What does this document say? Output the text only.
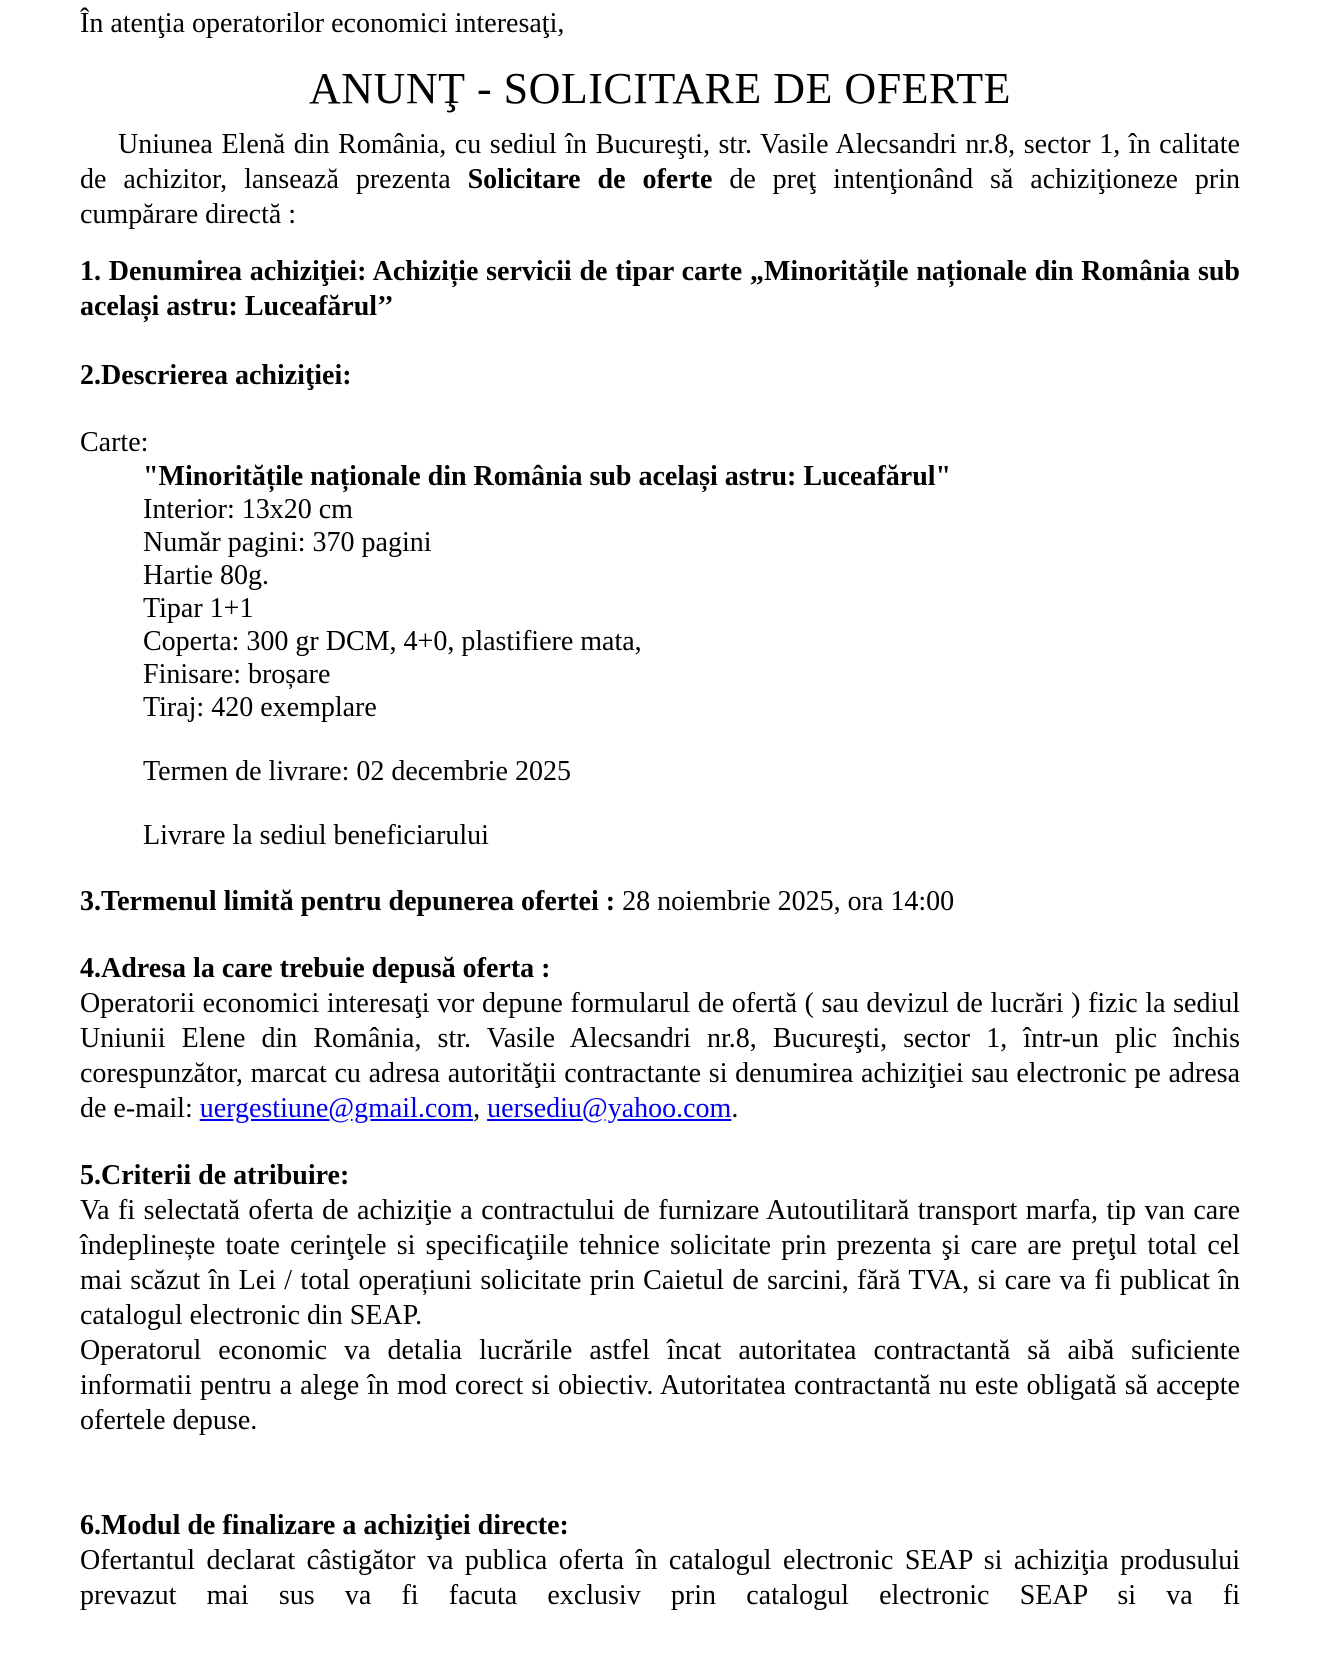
În atenţia operatorilor economici interesaţi,

ANUNŢ - SOLICITARE DE OFERTE

Uniunea Elenă din România, cu sediul în Bucureşti, str. Vasile Alecsandri nr.8, sector 1, în calitate de achizitor, lansează prezenta Solicitare de oferte de preţ intenţionând să achiziţioneze prin cumpărare directă :

1. Denumirea achiziţiei: Achiziție servicii de tipar carte „Minoritățile naționale din România sub același astru: Luceafărul’’

2.Descrierea achiziţiei:

Carte:

"Minoritățile naționale din România sub același astru: Luceafărul"

Interior: 13x20 cm

Număr pagini: 370 pagini

Hartie 80g.

Tipar 1+1

Coperta: 300 gr DCM, 4+0, plastifiere mata,

Finisare: broșare

Tiraj: 420 exemplare

Termen de livrare: 02 decembrie 2025

Livrare la sediul beneficiarului

3.Termenul limită pentru depunerea ofertei : 28 noiembrie 2025, ora 14:00

4.Adresa la care trebuie depusă oferta :

Operatorii economici interesaţi vor depune formularul de ofertă ( sau devizul de lucrări ) fizic la sediul Uniunii Elene din România, str. Vasile Alecsandri nr.8, Bucureşti, sector 1, într-un plic închis corespunzător, marcat cu adresa autorităţii contractante si denumirea achiziţiei sau electronic pe adresa de e-mail: uergestiune@gmail.com, uersediu@yahoo.com.

5.Criterii de atribuire:

Va fi selectată oferta de achiziţie a contractului de furnizare Autoutilitară transport marfa, tip van care îndeplinește toate cerinţele si specificaţiile tehnice solicitate prin prezenta şi care are preţul total cel mai scăzut în Lei / total operațiuni solicitate prin Caietul de sarcini, fără TVA, si care va fi publicat în catalogul electronic din SEAP.

Operatorul economic va detalia lucrările astfel încat autoritatea contractantă să aibă suficiente informatii pentru a alege în mod corect si obiectiv. Autoritatea contractantă nu este obligată să accepte ofertele depuse.

6.Modul de finalizare a achiziţiei directe:

Ofertantul declarat câstigător va publica oferta în catalogul electronic SEAP si achiziţia produsului prevazut mai sus va fi facuta exclusiv prin catalogul electronic SEAP si va fi
